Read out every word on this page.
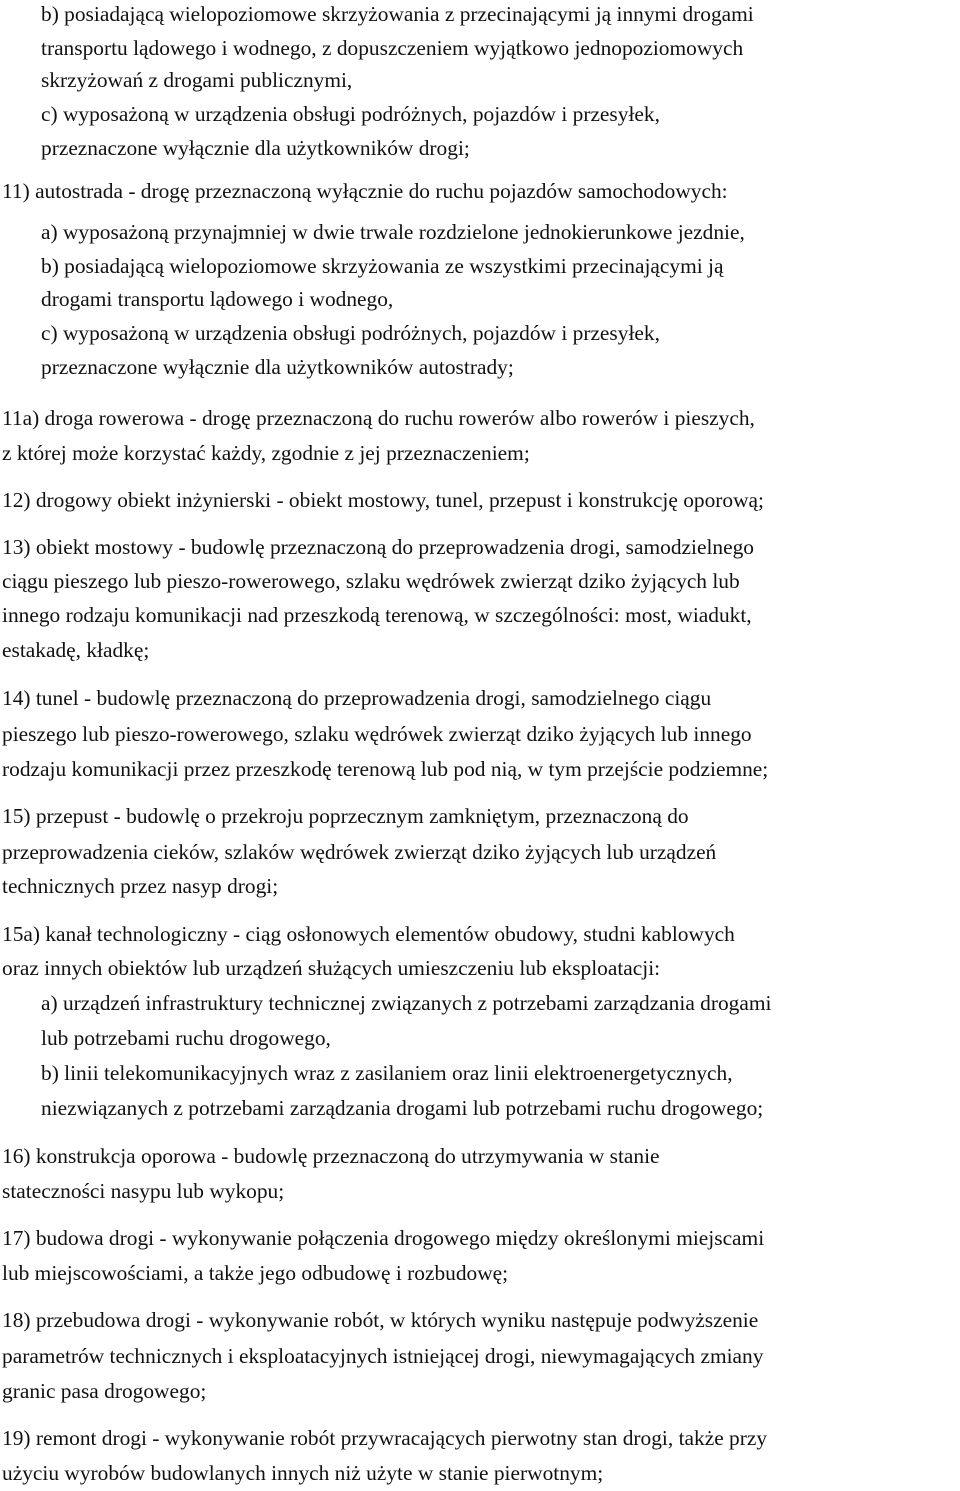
b) posiadającą wielopoziomowe skrzyżowania z przecinającymi ją innymi drogami
transportu lądowego i wodnego, z dopuszczeniem wyjątkowo jednopoziomowych
skrzyżowań z drogami publicznymi,
c) wyposażoną w urządzenia obsługi podróżnych, pojazdów i przesyłek,
przeznaczone wyłącznie dla użytkowników drogi;
11) autostrada - drogę przeznaczoną wyłącznie do ruchu pojazdów samochodowych:
a) wyposażoną przynajmniej w dwie trwale rozdzielone jednokierunkowe jezdnie,
b) posiadającą wielopoziomowe skrzyżowania ze wszystkimi przecinającymi ją
drogami transportu lądowego i wodnego,
c) wyposażoną w urządzenia obsługi podróżnych, pojazdów i przesyłek,
przeznaczone wyłącznie dla użytkowników autostrady;
11a) droga rowerowa - drogę przeznaczoną do ruchu rowerów albo rowerów i pieszych,
z której może korzystać każdy, zgodnie z jej przeznaczeniem;
12) drogowy obiekt inżynierski - obiekt mostowy, tunel, przepust i konstrukcję oporową;
13) obiekt mostowy - budowlę przeznaczoną do przeprowadzenia drogi, samodzielnego
ciągu pieszego lub pieszo-rowerowego, szlaku wędrówek zwierząt dziko żyjących lub
innego rodzaju komunikacji nad przeszkodą terenową, w szczególności: most, wiadukt,
estakadę, kładkę;
14) tunel - budowlę przeznaczoną do przeprowadzenia drogi, samodzielnego ciągu
pieszego lub pieszo-rowerowego, szlaku wędrówek zwierząt dziko żyjących lub innego
rodzaju komunikacji przez przeszkodę terenową lub pod nią, w tym przejście podziemne;
15) przepust - budowlę o przekroju poprzecznym zamkniętym, przeznaczoną do
przeprowadzenia cieków, szlaków wędrówek zwierząt dziko żyjących lub urządzeń
technicznych przez nasyp drogi;
15a) kanał technologiczny - ciąg osłonowych elementów obudowy, studni kablowych
oraz innych obiektów lub urządzeń służących umieszczeniu lub eksploatacji:
a) urządzeń infrastruktury technicznej związanych z potrzebami zarządzania drogami
lub potrzebami ruchu drogowego,
b) linii telekomunikacyjnych wraz z zasilaniem oraz linii elektroenergetycznych,
niezwiązanych z potrzebami zarządzania drogami lub potrzebami ruchu drogowego;
16) konstrukcja oporowa - budowlę przeznaczoną do utrzymywania w stanie
stateczności nasypu lub wykopu;
17) budowa drogi - wykonywanie połączenia drogowego między określonymi miejscami
lub miejscowościami, a także jego odbudowę i rozbudowę;
18) przebudowa drogi - wykonywanie robót, w których wyniku następuje podwyższenie
parametrów technicznych i eksploatacyjnych istniejącej drogi, niewymagających zmiany
granic pasa drogowego;
19) remont drogi - wykonywanie robót przywracających pierwotny stan drogi, także przy
użyciu wyrobów budowlanych innych niż użyte w stanie pierwotnym;
